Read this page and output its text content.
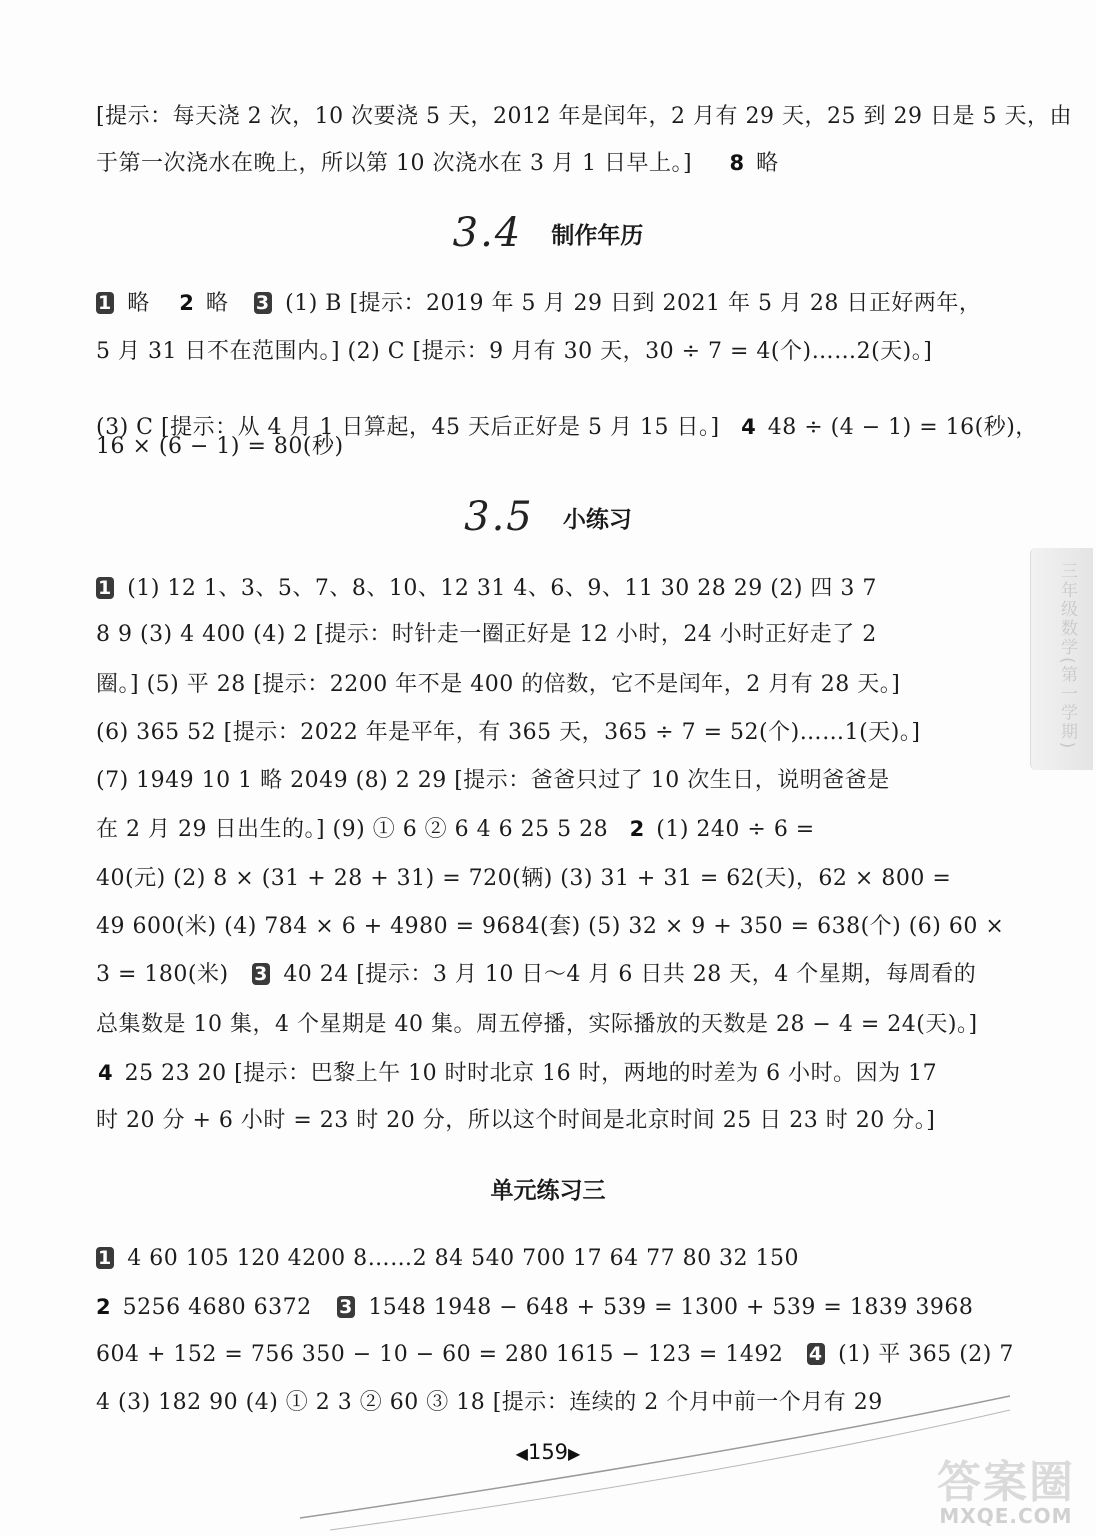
[提示：每天浇 2 次，10 次要浇 5 天，2012 年是闰年，2 月有 29 天，25 到 29 日是 5 天，由
于第一次浇水在晚上，所以第 10 次浇水在 3 月 1 日早上。] 8 略
3.4 制作年历
1 略 2 略 3 (1) B [提示：2019 年 5 月 29 日到 2021 年 5 月 28 日正好两年，
5 月 31 日不在范围内。] (2) C [提示：9 月有 30 天，30 ÷ 7 = 4(个)……2(天)。]
(3) C [提示：从 4 月 1 日算起，45 天后正好是 5 月 15 日。] 4 48 ÷ (4 − 1) = 16(秒)，
16 × (6 − 1) = 80(秒)
3.5 小练习
1 (1) 12 1、3、5、7、8、10、12 31 4、6、9、11 30 28 29 (2) 四 3 7
8 9 (3) 4 400 (4) 2 [提示：时针走一圈正好是 12 小时，24 小时正好走了 2
圈。] (5) 平 28 [提示：2200 年不是 400 的倍数，它不是闰年，2 月有 28 天。]
(6) 365 52 [提示：2022 年是平年，有 365 天，365 ÷ 7 = 52(个)……1(天)。]
(7) 1949 10 1 略 2049 (8) 2 29 [提示：爸爸只过了 10 次生日，说明爸爸是
在 2 月 29 日出生的。] (9) ① 6 ② 6 4 6 25 5 28 2 (1) 240 ÷ 6 =
40(元) (2) 8 × (31 + 28 + 31) = 720(辆) (3) 31 + 31 = 62(天)，62 × 800 =
49 600(米) (4) 784 × 6 + 4980 = 9684(套) (5) 32 × 9 + 350 = 638(个) (6) 60 ×
3 = 180(米) 3 40 24 [提示：3 月 10 日～4 月 6 日共 28 天，4 个星期，每周看的
总集数是 10 集，4 个星期是 40 集。周五停播，实际播放的天数是 28 − 4 = 24(天)。]
4 25 23 20 [提示：巴黎上午 10 时时北京 16 时，两地的时差为 6 小时。因为 17
时 20 分 + 6 小时 = 23 时 20 分，所以这个时间是北京时间 25 日 23 时 20 分。]
单元练习三
1 4 60 105 120 4200 8……2 84 540 700 17 64 77 80 32 150
2 5256 4680 6372 3 1548 1948 − 648 + 539 = 1300 + 539 = 1839 3968
604 + 152 = 756 350 − 10 − 60 = 280 1615 − 123 = 1492 4 (1) 平 365 (2) 7
4 (3) 182 90 (4) ① 2 3 ② 60 ③ 18 [提示：连续的 2 个月中前一个月有 29
三年级数学(第一学期)
◀159▶
答案圈
MXQE.COM
